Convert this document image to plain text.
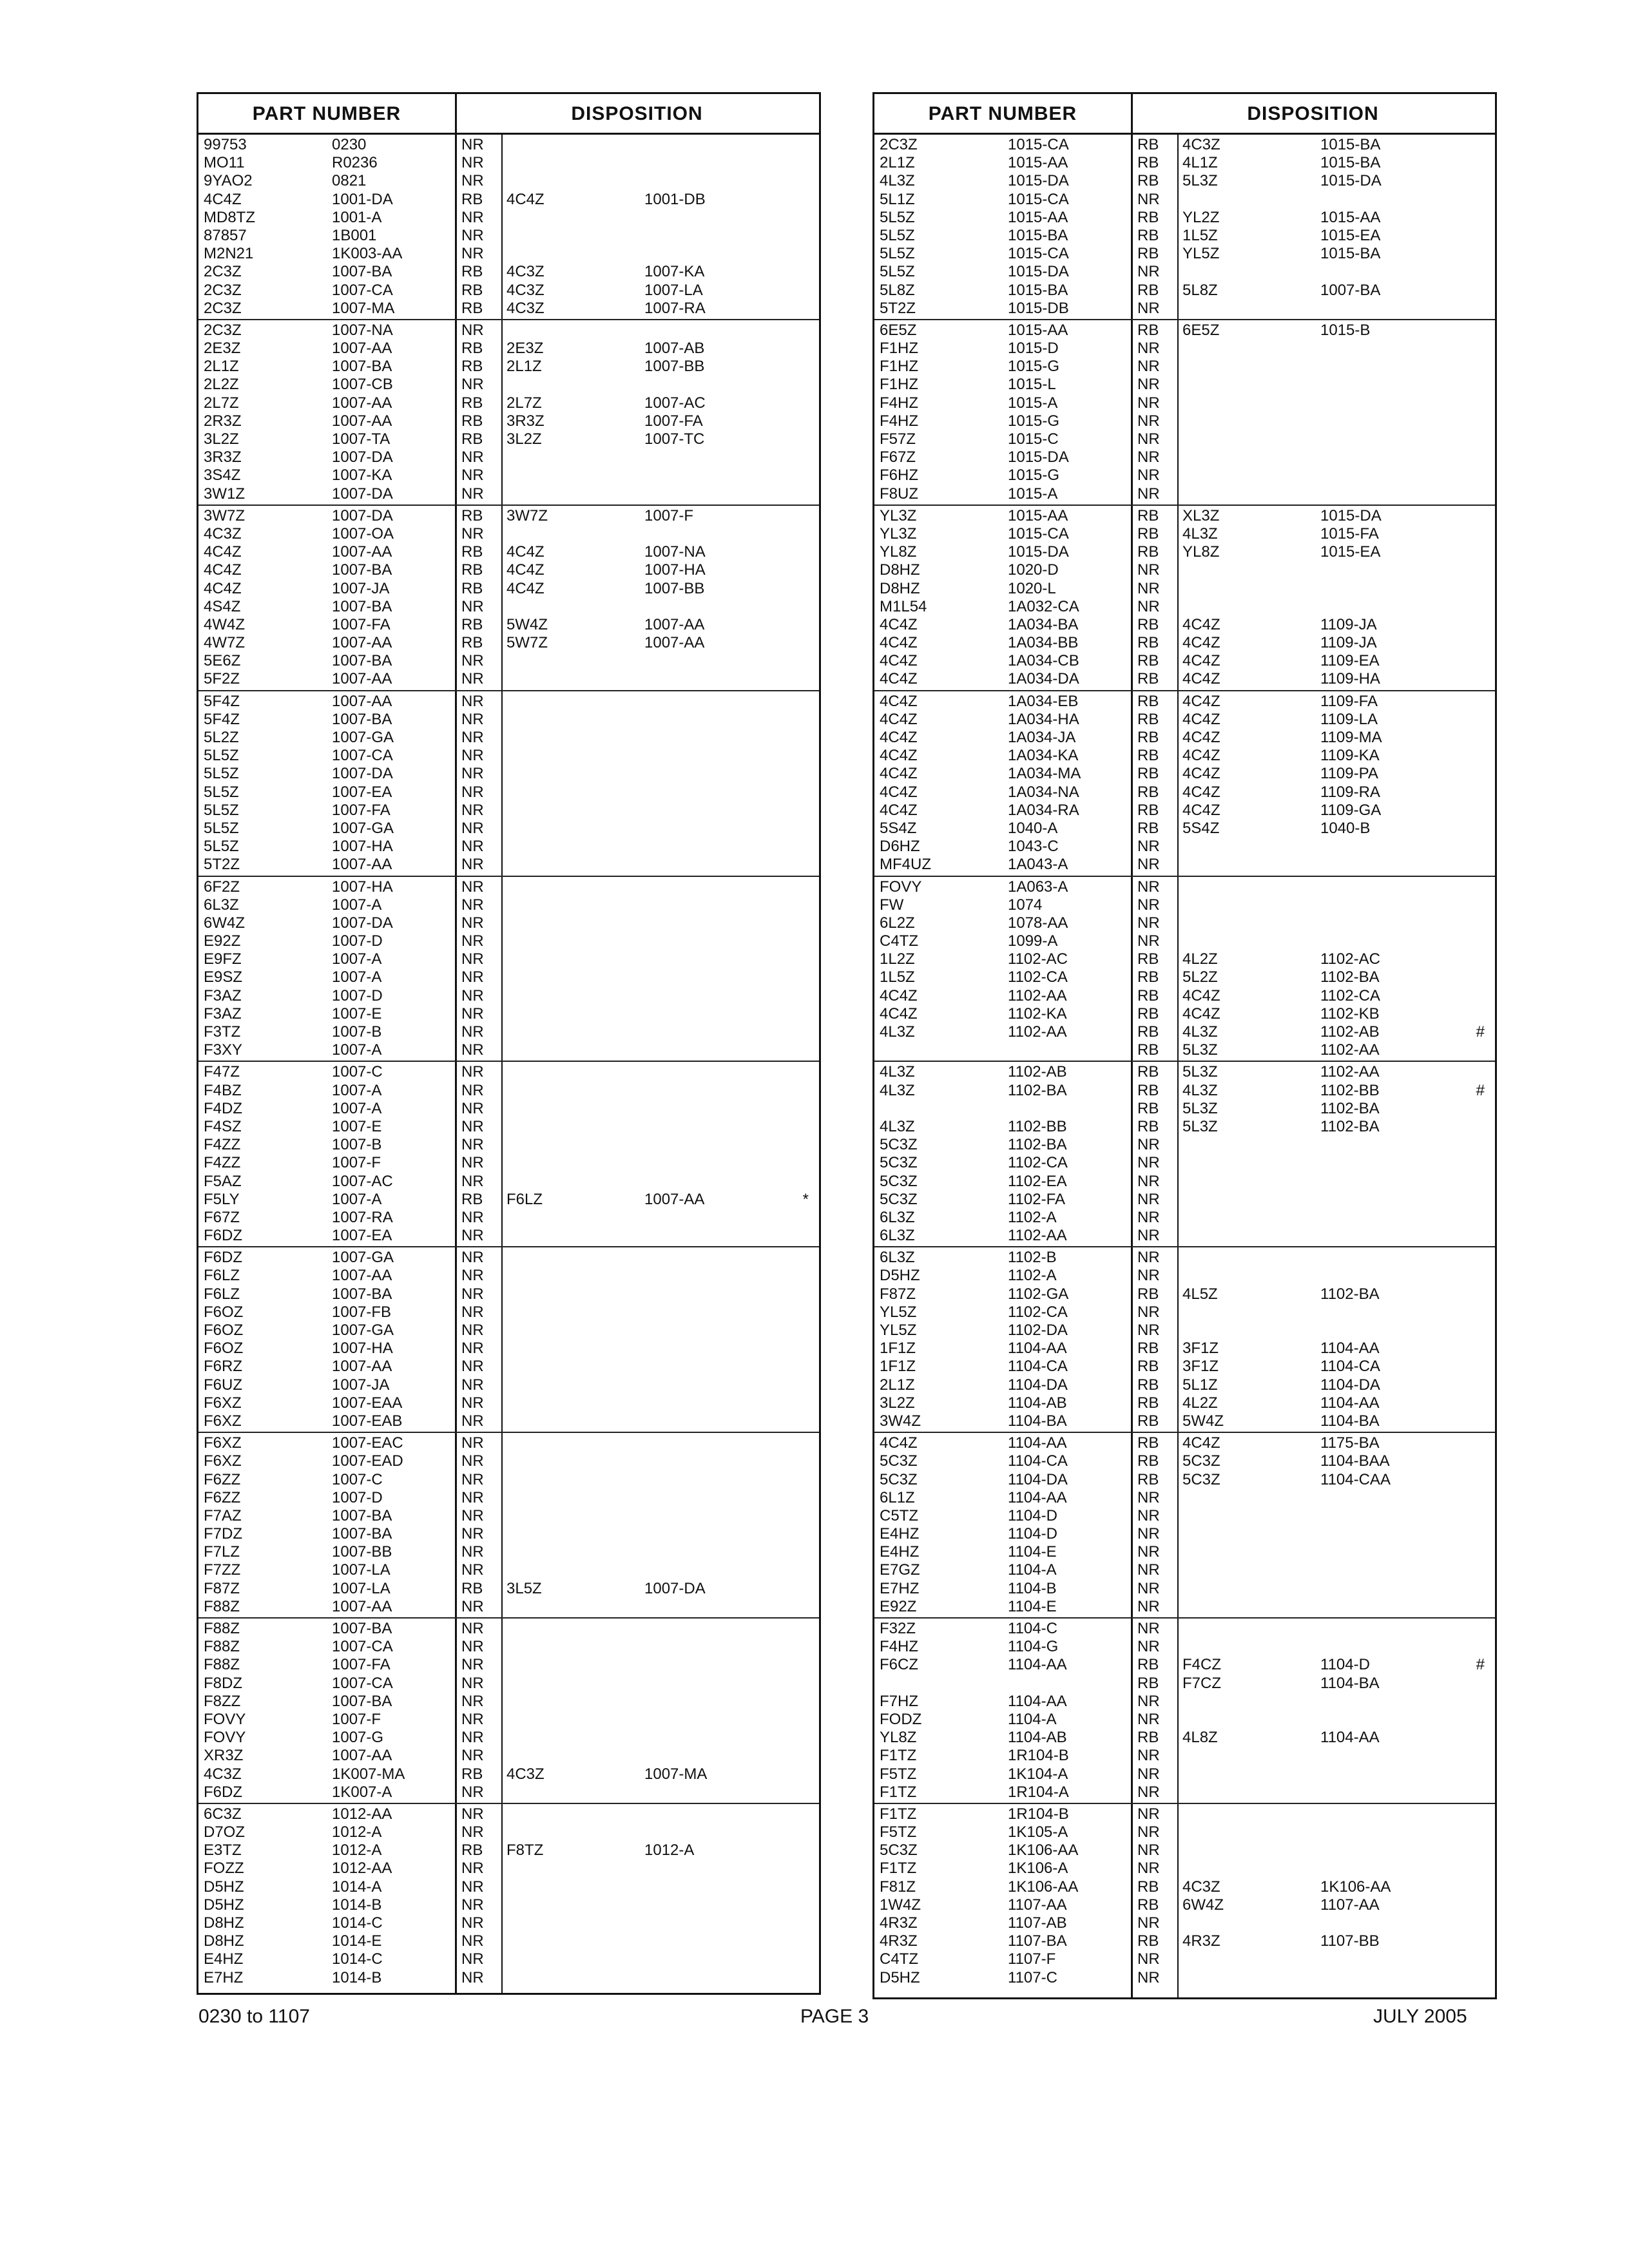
PART NUMBER	DISPOSITION
99753	0230	NR
MO11	R0236	NR
9YAO2	0821	NR
4C4Z	1001-DA	RB 4C4Z	1001-DB
MD8TZ	1001-A	NR
87857	1B001	NR
M2N21	1K003-AA	NR
2C3Z	1007-BA	RB 4C3Z	1007-KA
2C3Z	1007-CA	RB 4C3Z	1007-LA
2C3Z	1007-MA	RB 4C3Z	1007-RA
2C3Z	1007-NA	NR
2E3Z	1007-AA	RB 2E3Z	1007-AB
2L1Z	1007-BA	RB 2L1Z	1007-BB
2L2Z	1007-CB	NR
2L7Z	1007-AA	RB 2L7Z	1007-AC
2R3Z	1007-AA	RB 3R3Z	1007-FA
3L2Z	1007-TA	RB 3L2Z	1007-TC
3R3Z	1007-DA	NR
3S4Z	1007-KA	NR
3W1Z	1007-DA	NR
3W7Z	1007-DA	RB 3W7Z	1007-F
4C3Z	1007-OA	NR
4C4Z	1007-AA	RB 4C4Z	1007-NA
4C4Z	1007-BA	RB 4C4Z	1007-HA
4C4Z	1007-JA	RB 4C4Z	1007-BB
4S4Z	1007-BA	NR
4W4Z	1007-FA	RB 5W4Z	1007-AA
4W7Z	1007-AA	RB 5W7Z	1007-AA
5E6Z	1007-BA	NR
5F2Z	1007-AA	NR
5F4Z	1007-AA	NR
5F4Z	1007-BA	NR
5L2Z	1007-GA	NR
5L5Z	1007-CA	NR
5L5Z	1007-DA	NR
5L5Z	1007-EA	NR
5L5Z	1007-FA	NR
5L5Z	1007-GA	NR
5L5Z	1007-HA	NR
5T2Z	1007-AA	NR
6F2Z	1007-HA	NR
6L3Z	1007-A	NR
6W4Z	1007-DA	NR
E92Z	1007-D	NR
E9FZ	1007-A	NR
E9SZ	1007-A	NR
F3AZ	1007-D	NR
F3AZ	1007-E	NR
F3TZ	1007-B	NR
F3XY	1007-A	NR
F47Z	1007-C	NR
F4BZ	1007-A	NR
F4DZ	1007-A	NR
F4SZ	1007-E	NR
F4ZZ	1007-B	NR
F4ZZ	1007-F	NR
F5AZ	1007-AC	NR
F5LY	1007-A	RB F6LZ	1007-AA	*
F67Z	1007-RA	NR
F6DZ	1007-EA	NR
F6DZ	1007-GA	NR
F6LZ	1007-AA	NR
F6LZ	1007-BA	NR
F6OZ	1007-FB	NR
F6OZ	1007-GA	NR
F6OZ	1007-HA	NR
F6RZ	1007-AA	NR
F6UZ	1007-JA	NR
F6XZ	1007-EAA	NR
F6XZ	1007-EAB	NR
F6XZ	1007-EAC	NR
F6XZ	1007-EAD	NR
F6ZZ	1007-C	NR
F6ZZ	1007-D	NR
F7AZ	1007-BA	NR
F7DZ	1007-BA	NR
F7LZ	1007-BB	NR
F7ZZ	1007-LA	NR
F87Z	1007-LA	RB 3L5Z	1007-DA
F88Z	1007-AA	NR
F88Z	1007-BA	NR
F88Z	1007-CA	NR
F88Z	1007-FA	NR
F8DZ	1007-CA	NR
F8ZZ	1007-BA	NR
FOVY	1007-F	NR
FOVY	1007-G	NR
XR3Z	1007-AA	NR
4C3Z	1K007-MA	RB 4C3Z	1007-MA
F6DZ	1K007-A	NR
6C3Z	1012-AA	NR
D7OZ	1012-A	NR
E3TZ	1012-A	RB F8TZ	1012-A
FOZZ	1012-AA	NR
D5HZ	1014-A	NR
D5HZ	1014-B	NR
D8HZ	1014-C	NR
D8HZ	1014-E	NR
E4HZ	1014-C	NR
E7HZ	1014-B	NR
PART NUMBER	DISPOSITION
2C3Z	1015-CA	RB 4C3Z	1015-BA
2L1Z	1015-AA	RB 4L1Z	1015-BA
4L3Z	1015-DA	RB 5L3Z	1015-DA
5L1Z	1015-CA	NR
5L5Z	1015-AA	RB YL2Z	1015-AA
5L5Z	1015-BA	RB 1L5Z	1015-EA
5L5Z	1015-CA	RB YL5Z	1015-BA
5L5Z	1015-DA	NR
5L8Z	1015-BA	RB 5L8Z	1007-BA
5T2Z	1015-DB	NR
6E5Z	1015-AA	RB 6E5Z	1015-B
F1HZ	1015-D	NR
F1HZ	1015-G	NR
F1HZ	1015-L	NR
F4HZ	1015-A	NR
F4HZ	1015-G	NR
F57Z	1015-C	NR
F67Z	1015-DA	NR
F6HZ	1015-G	NR
F8UZ	1015-A	NR
YL3Z	1015-AA	RB XL3Z	1015-DA
YL3Z	1015-CA	RB 4L3Z	1015-FA
YL8Z	1015-DA	RB YL8Z	1015-EA
D8HZ	1020-D	NR
D8HZ	1020-L	NR
M1L54	1A032-CA	NR
4C4Z	1A034-BA	RB 4C4Z	1109-JA
4C4Z	1A034-BB	RB 4C4Z	1109-JA
4C4Z	1A034-CB	RB 4C4Z	1109-EA
4C4Z	1A034-DA	RB 4C4Z	1109-HA
4C4Z	1A034-EB	RB 4C4Z	1109-FA
4C4Z	1A034-HA	RB 4C4Z	1109-LA
4C4Z	1A034-JA	RB 4C4Z	1109-MA
4C4Z	1A034-KA	RB 4C4Z	1109-KA
4C4Z	1A034-MA	RB 4C4Z	1109-PA
4C4Z	1A034-NA	RB 4C4Z	1109-RA
4C4Z	1A034-RA	RB 4C4Z	1109-GA
5S4Z	1040-A	RB 5S4Z	1040-B
D6HZ	1043-C	NR
MF4UZ	1A043-A	NR
FOVY	1A063-A	NR
FW	1074	NR
6L2Z	1078-AA	NR
C4TZ	1099-A	NR
1L2Z	1102-AC	RB 4L2Z	1102-AC
1L5Z	1102-CA	RB 5L2Z	1102-BA
4C4Z	1102-AA	RB 4C4Z	1102-CA
4C4Z	1102-KA	RB 4C4Z	1102-KB
4L3Z	1102-AA	RB 4L3Z	1102-AB	#
RB 5L3Z	1102-AA
4L3Z	1102-AB	RB 5L3Z	1102-AA
4L3Z	1102-BA	RB 4L3Z	1102-BB	#
RB 5L3Z	1102-BA
4L3Z	1102-BB	RB 5L3Z	1102-BA
5C3Z	1102-BA	NR
5C3Z	1102-CA	NR
5C3Z	1102-EA	NR
5C3Z	1102-FA	NR
6L3Z	1102-A	NR
6L3Z	1102-AA	NR
6L3Z	1102-B	NR
D5HZ	1102-A	NR
F87Z	1102-GA	RB 4L5Z	1102-BA
YL5Z	1102-CA	NR
YL5Z	1102-DA	NR
1F1Z	1104-AA	RB 3F1Z	1104-AA
1F1Z	1104-CA	RB 3F1Z	1104-CA
2L1Z	1104-DA	RB 5L1Z	1104-DA
3L2Z	1104-AB	RB 4L2Z	1104-AA
3W4Z	1104-BA	RB 5W4Z	1104-BA
4C4Z	1104-AA	RB 4C4Z	1175-BA
5C3Z	1104-CA	RB 5C3Z	1104-BAA
5C3Z	1104-DA	RB 5C3Z	1104-CAA
6L1Z	1104-AA	NR
C5TZ	1104-D	NR
E4HZ	1104-D	NR
E4HZ	1104-E	NR
E7GZ	1104-A	NR
E7HZ	1104-B	NR
E92Z	1104-E	NR
F32Z	1104-C	NR
F4HZ	1104-G	NR
F6CZ	1104-AA	RB F4CZ	1104-D	#
RB F7CZ	1104-BA
F7HZ	1104-AA	NR
FODZ	1104-A	NR
YL8Z	1104-AB	RB 4L8Z	1104-AA
F1TZ	1R104-B	NR
F5TZ	1K104-A	NR
F1TZ	1R104-A	NR
F1TZ	1R104-B	NR
F5TZ	1K105-A	NR
5C3Z	1K106-AA	NR
F1TZ	1K106-A	NR
F81Z	1K106-AA	RB 4C3Z	1K106-AA
1W4Z	1107-AA	RB 6W4Z	1107-AA
4R3Z	1107-AB	NR
4R3Z	1107-BA	RB 4R3Z	1107-BB
C4TZ	1107-F	NR
D5HZ	1107-C	NR
0230 to 1107	PAGE 3	JULY 2005
